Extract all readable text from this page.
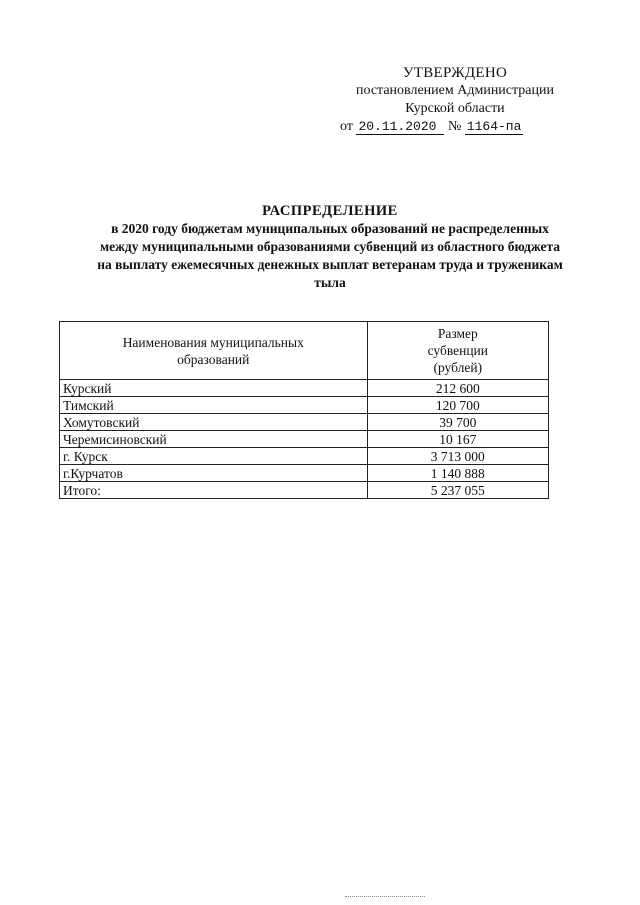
УТВЕРЖДЕНО
постановлением Администрации
Курской области
от 20.11.2020 № 1164-па
РАСПРЕДЕЛЕНИЕ
в 2020 году бюджетам муниципальных образований не распределенных
между муниципальными образованиями субвенций из областного бюджета
на выплату ежемесячных денежных выплат ветеранам труда и труженикам
тыла
Наименования муниципальных образований	Размер субвенции (рублей)
Курский	212 600
Тимский	120 700
Хомутовский	39 700
Черемисиновский	10 167
г. Курск	3 713 000
г.Курчатов	1 140 888
Итого:	5 237 055
